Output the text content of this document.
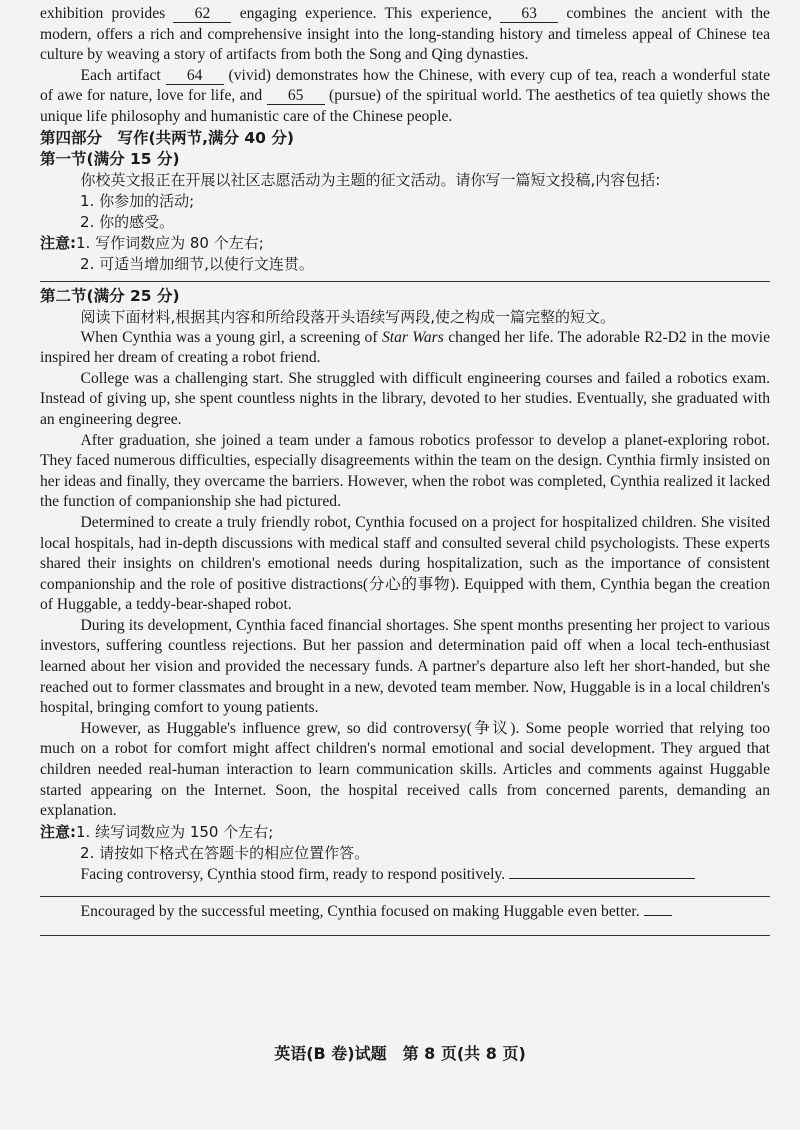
exhibition provides 62 engaging experience. This experience, 63 combines the ancient with the modern, offers a rich and comprehensive insight into the long-standing history and timeless appeal of Chinese tea culture by weaving a story of artifacts from both the Song and Qing dynasties.

Each artifact 64 (vivid) demonstrates how the Chinese, with every cup of tea, reach a wonderful state of awe for nature, love for life, and 65 (pursue) of the spiritual world. The aesthetics of tea quietly shows the unique life philosophy and humanistic care of the Chinese people.

第四部分　写作(共两节,满分 40 分)
第一节(满分 15 分)
你校英文报正在开展以社区志愿活动为主题的征文活动。请你写一篇短文投稿,内容包括:
1. 你参加的活动;
2. 你的感受。
注意:1. 写作词数应为 80 个左右;
2. 可适当增加细节,以使行文连贯。
第二节(满分 25 分)
阅读下面材料,根据其内容和所给段落开头语续写两段,使之构成一篇完整的短文。

When Cynthia was a young girl, a screening of Star Wars changed her life. The adorable R2-D2 in the movie inspired her dream of creating a robot friend.

College was a challenging start. She struggled with difficult engineering courses and failed a robotics exam. Instead of giving up, she spent countless nights in the library, devoted to her studies. Eventually, she graduated with an engineering degree.

After graduation, she joined a team under a famous robotics professor to develop a planet-exploring robot. They faced numerous difficulties, especially disagreements within the team on the design. Cynthia firmly insisted on her ideas and finally, they overcame the barriers. However, when the robot was completed, Cynthia realized it lacked the function of companionship she had pictured.

Determined to create a truly friendly robot, Cynthia focused on a project for hospitalized children. She visited local hospitals, had in-depth discussions with medical staff and consulted several child psychologists. These experts shared their insights on children's emotional needs during hospitalization, such as the importance of consistent companionship and the role of positive distractions(分心的事物). Equipped with them, Cynthia began the creation of Huggable, a teddy-bear-shaped robot.

During its development, Cynthia faced financial shortages. She spent months presenting her project to various investors, suffering countless rejections. But her passion and determination paid off when a local tech-enthusiast learned about her vision and provided the necessary funds. A partner's departure also left her short-handed, but she reached out to former classmates and brought in a new, devoted team member. Now, Huggable is in a local children's hospital, bringing comfort to young patients.

However, as Huggable's influence grew, so did controversy(争议). Some people worried that relying too much on a robot for comfort might affect children's normal emotional and social development. They argued that children needed real-human interaction to learn communication skills. Articles and comments against Huggable started appearing on the Internet. Soon, the hospital received calls from concerned parents, demanding an explanation.

注意:1. 续写词数应为 150 个左右;
2. 请按如下格式在答题卡的相应位置作答。
Facing controversy, Cynthia stood firm, ready to respond positively.
Encouraged by the successful meeting, Cynthia focused on making Huggable even better.
英语(B 卷)试题　第 8 页(共 8 页)
